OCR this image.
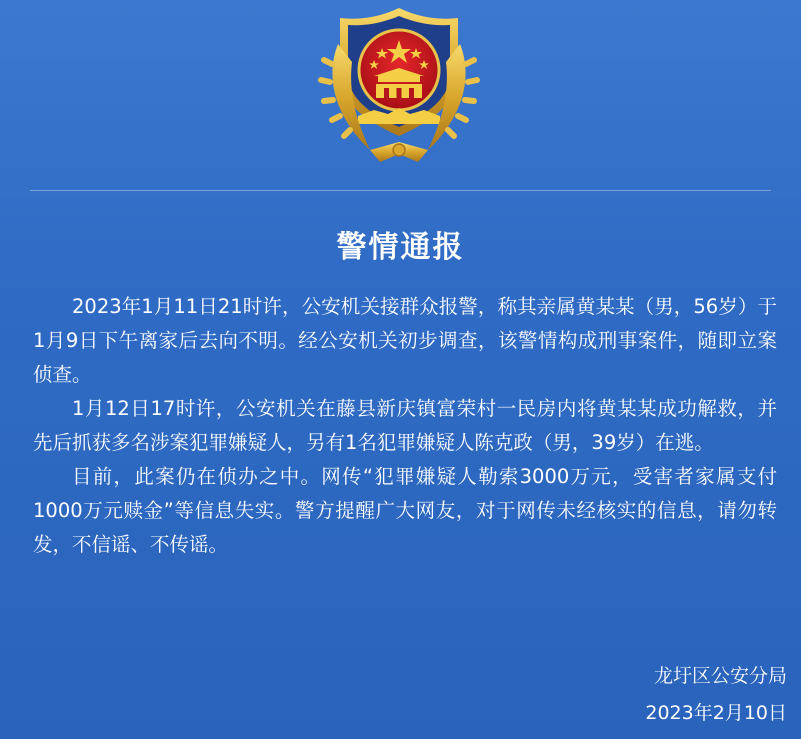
警情通报

2023年1月11日21时许，公安机关接群众报警，称其亲属黄某某（男，56岁）于1月9日下午离家后去向不明。经公安机关初步调查，该警情构成刑事案件，随即立案侦查。

1月12日17时许，公安机关在藤县新庆镇富荣村一民房内将黄某某成功解救，并先后抓获多名涉案犯罪嫌疑人，另有1名犯罪嫌疑人陈克政（男，39岁）在逃。

目前，此案仍在侦办之中。网传“犯罪嫌疑人勒索3000万元，受害者家属支付1000万元赎金”等信息失实。警方提醒广大网友，对于网传未经核实的信息，请勿转发，不信谣、不传谣。

龙圩区公安分局
2023年2月10日
